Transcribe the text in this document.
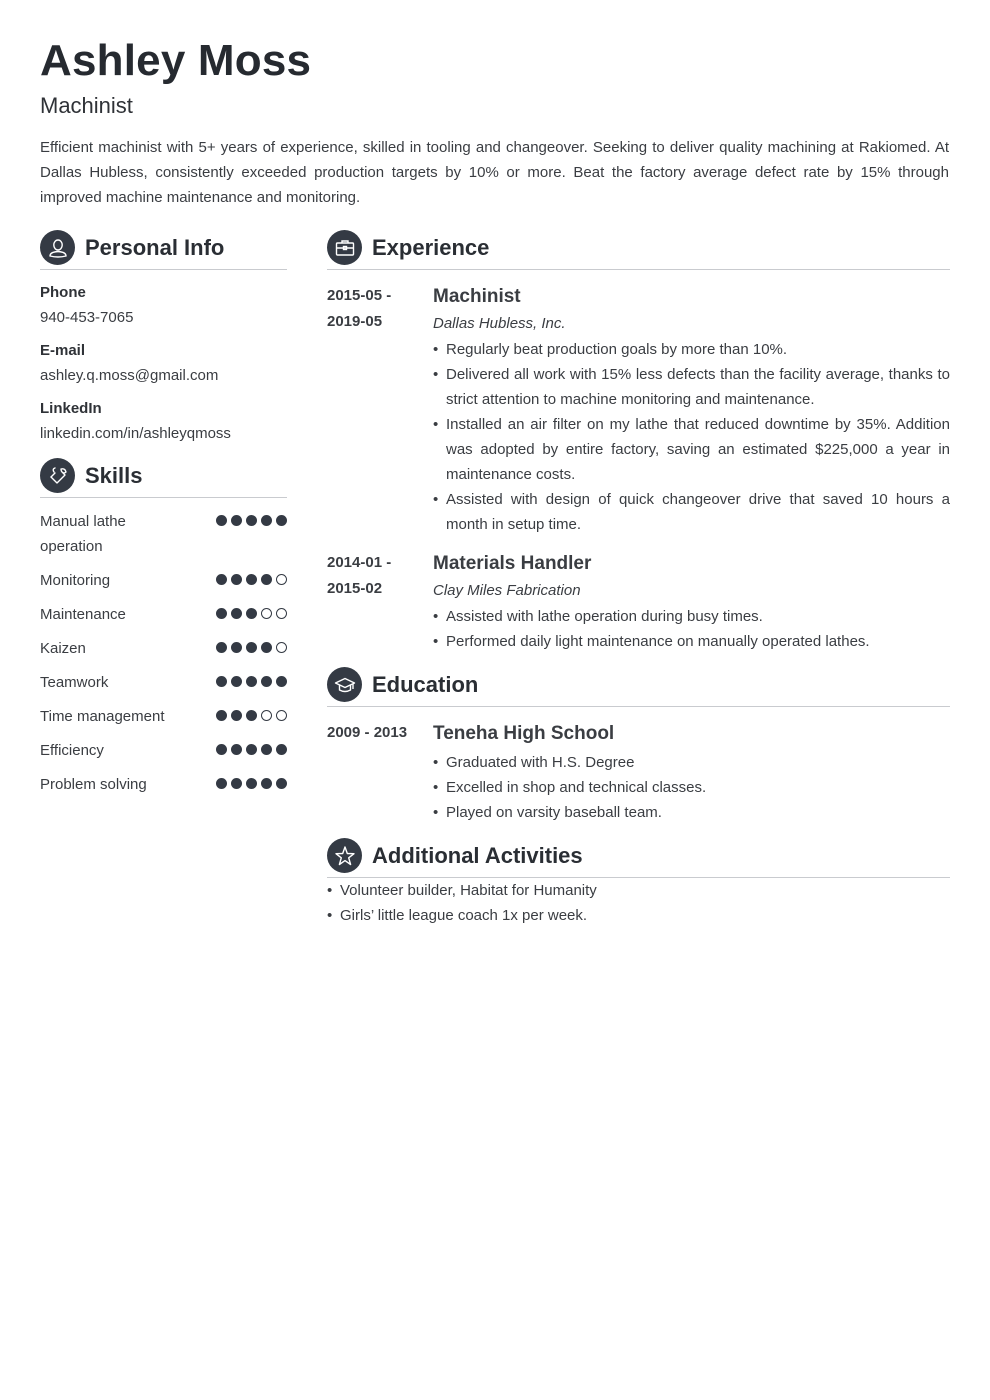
Ashley Moss
Machinist

Efficient machinist with 5+ years of experience, skilled in tooling and changeover. Seeking to deliver quality machining at Rakiomed. At Dallas Hubless, consistently exceeded production targets by 10% or more. Beat the factory average defect rate by 15% through improved machine maintenance and monitoring.

Personal Info
Phone
940-453-7065
E-mail
ashley.q.moss@gmail.com
LinkedIn
linkedin.com/in/ashleyqmoss
Skills
Manual lathe operation
Monitoring
Maintenance
Kaizen
Teamwork
Time management
Efficiency
Problem solving
Experience
2015-05 - 2019-05
Machinist
Dallas Hubless, Inc.
• Regularly beat production goals by more than 10%.
• Delivered all work with 15% less defects than the facility average, thanks to strict attention to machine monitoring and maintenance.
• Installed an air filter on my lathe that reduced downtime by 35%. Addition was adopted by entire factory, saving an estimated $225,000 a year in maintenance costs.
• Assisted with design of quick changeover drive that saved 10 hours a month in setup time.
2014-01 - 2015-02
Materials Handler
Clay Miles Fabrication
• Assisted with lathe operation during busy times.
• Performed daily light maintenance on manually operated lathes.
Education
2009 - 2013	Teneha High School
• Graduated with H.S. Degree
• Excelled in shop and technical classes.
• Played on varsity baseball team.
Additional Activities
• Volunteer builder, Habitat for Humanity
• Girls’ little league coach 1x per week.
